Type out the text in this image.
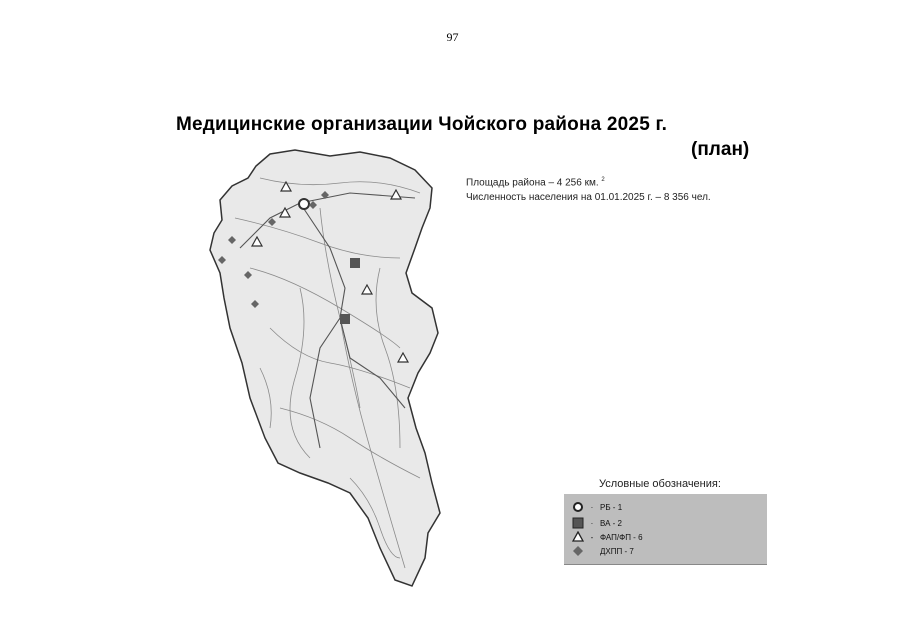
97
Медицинские организации Чойского района 2025 г.
(план)
Площадь района – 4 256 км. $^2$
Численность населения на 01.01.2025 г. – 8 356 чел.
Условные обозначения:
· РБ - 1
· ВА - 2
- ФАП/ФП - 6
ДХПП - 7
